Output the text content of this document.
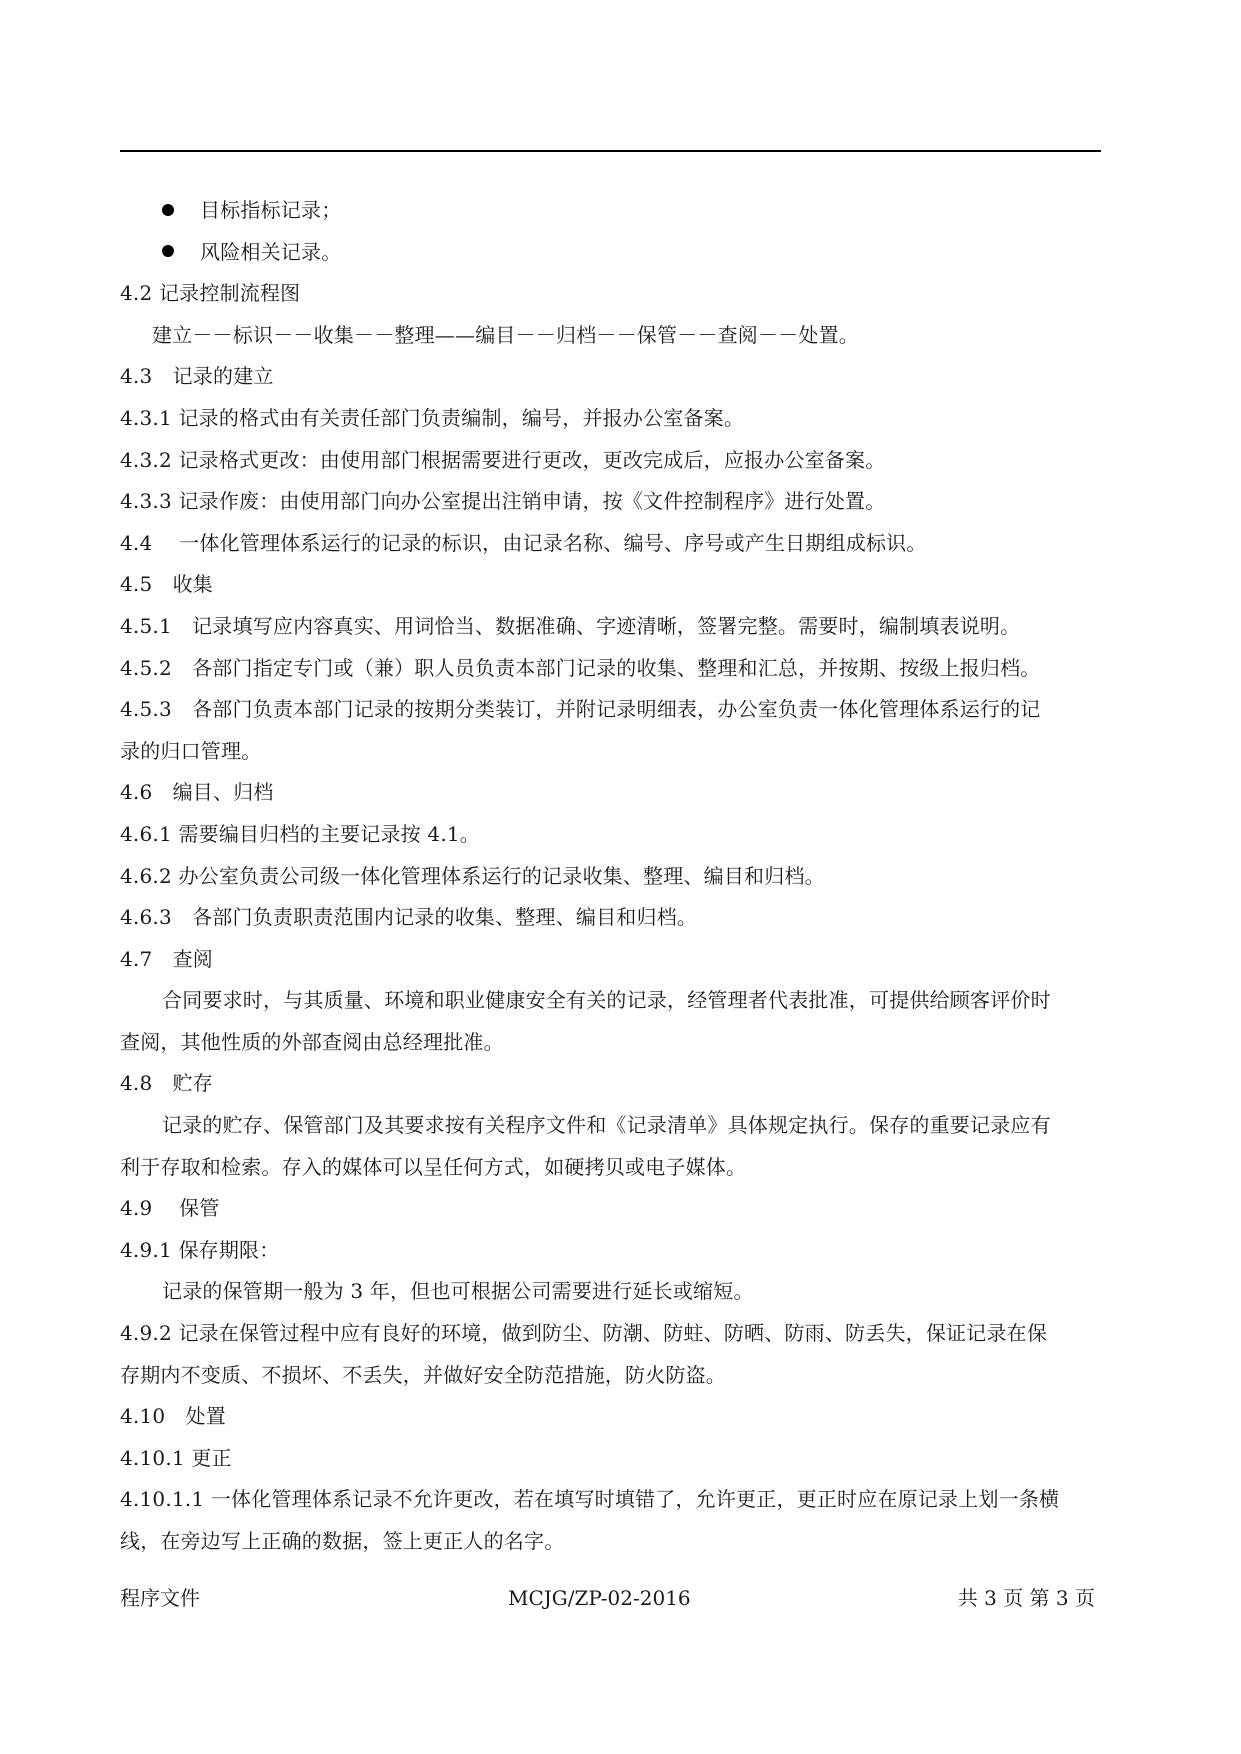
目标指标记录；
风险相关记录。
4.2 记录控制流程图
建立－－标识－－收集－－整理——编目－－归档－－保管－－查阅－－处置。
4.3　记录的建立
4.3.1 记录的格式由有关责任部门负责编制，编号，并报办公室备案。
4.3.2 记录格式更改：由使用部门根据需要进行更改，更改完成后，应报办公室备案。
4.3.3 记录作废：由使用部门向办公室提出注销申请，按《文件控制程序》进行处置。
4.4　 一体化管理体系运行的记录的标识，由记录名称、编号、序号或产生日期组成标识。
4.5　收集
4.5.1　记录填写应内容真实、用词恰当、数据准确、字迹清晰，签署完整。需要时，编制填表说明。
4.5.2　各部门指定专门或（兼）职人员负责本部门记录的收集、整理和汇总，并按期、按级上报归档。
4.5.3　各部门负责本部门记录的按期分类装订，并附记录明细表，办公室负责一体化管理体系运行的记
录的归口管理。
4.6　编目、归档
4.6.1 需要编目归档的主要记录按 4.1。
4.6.2 办公室负责公司级一体化管理体系运行的记录收集、整理、编目和归档。
4.6.3　各部门负责职责范围内记录的收集、整理、编目和归档。
4.7　查阅
合同要求时，与其质量、环境和职业健康安全有关的记录，经管理者代表批准，可提供给顾客评价时
查阅，其他性质的外部查阅由总经理批准。
4.8　贮存
记录的贮存、保管部门及其要求按有关程序文件和《记录清单》具体规定执行。保存的重要记录应有
利于存取和检索。存入的媒体可以呈任何方式，如硬拷贝或电子媒体。
4.9　 保管
4.9.1 保存期限：
记录的保管期一般为 3 年，但也可根据公司需要进行延长或缩短。
4.9.2 记录在保管过程中应有良好的环境，做到防尘、防潮、防蛀、防晒、防雨、防丢失，保证记录在保
存期内不变质、不损坏、不丢失，并做好安全防范措施，防火防盗。
4.10　处置
4.10.1 更正
4.10.1.1 一体化管理体系记录不允许更改，若在填写时填错了，允许更正，更正时应在原记录上划一条横
线，在旁边写上正确的数据，签上更正人的名字。
程序文件	MCJG/ZP-02-2016	共 3 页 第 3 页
